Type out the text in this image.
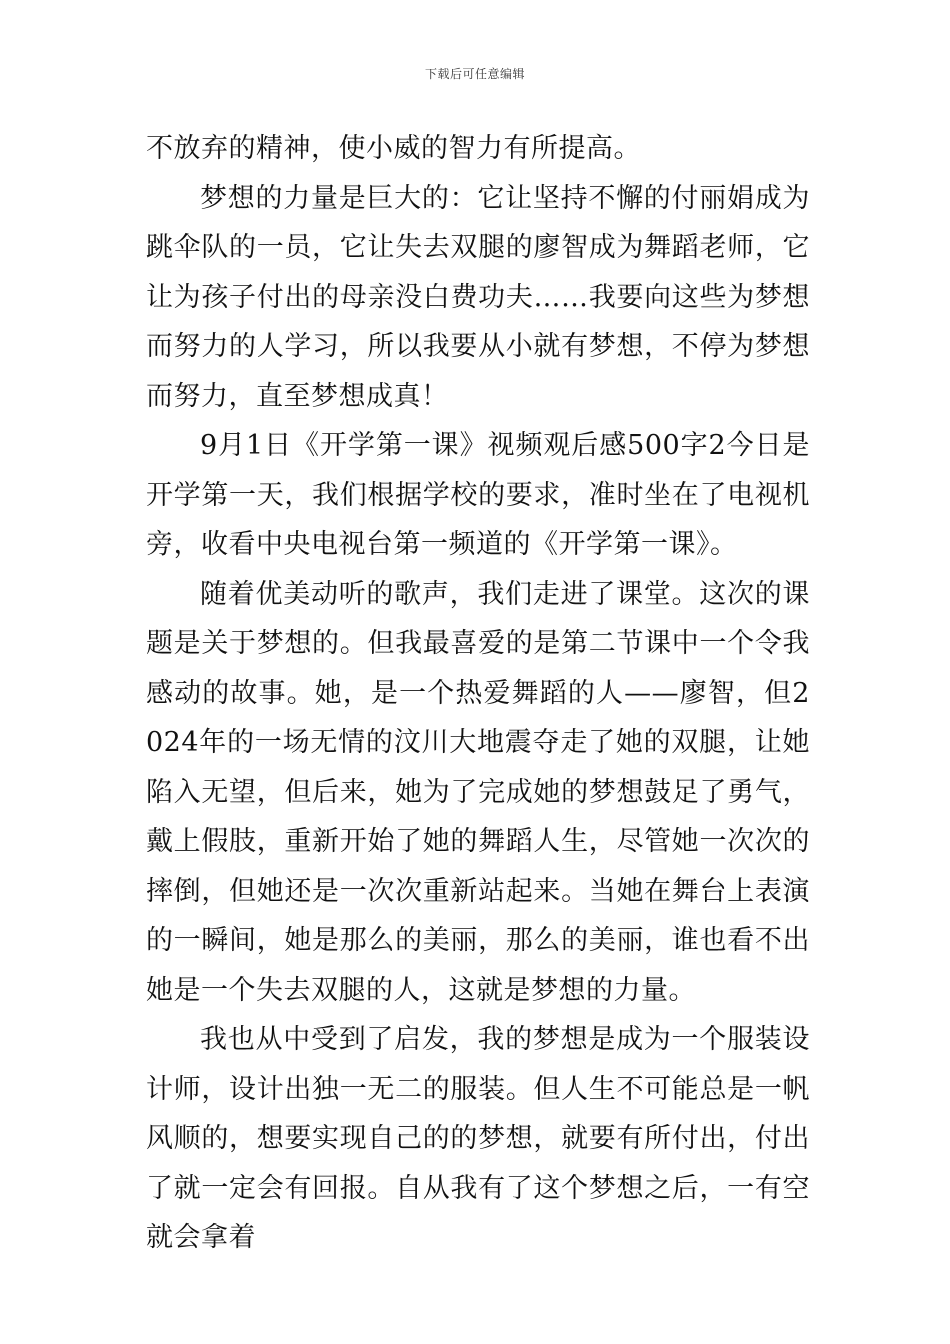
下载后可任意编辑

不放弃的精神，使小威的智力有所提高。

梦想的力量是巨大的：它让坚持不懈的付丽娟成为跳伞队的一员，它让失去双腿的廖智成为舞蹈老师，它让为孩子付出的母亲没白费功夫……我要向这些为梦想而努力的人学习，所以我要从小就有梦想，不停为梦想而努力，直至梦想成真！

9月1日《开学第一课》视频观后感500字2今日是开学第一天，我们根据学校的要求，准时坐在了电视机旁，收看中央电视台第一频道的《开学第一课》。

随着优美动听的歌声，我们走进了课堂。这次的课题是关于梦想的。但我最喜爱的是第二节课中一个令我感动的故事。她，是一个热爱舞蹈的人——廖智，但2024年的一场无情的汶川大地震夺走了她的双腿，让她陷入无望，但后来，她为了完成她的梦想鼓足了勇气，戴上假肢，重新开始了她的舞蹈人生，尽管她一次次的摔倒，但她还是一次次重新站起来。当她在舞台上表演的一瞬间，她是那么的美丽，那么的美丽，谁也看不出她是一个失去双腿的人，这就是梦想的力量。

我也从中受到了启发，我的梦想是成为一个服装设计师，设计出独一无二的服装。但人生不可能总是一帆风顺的，想要实现自己的的梦想，就要有所付出，付出了就一定会有回报。自从我有了这个梦想之后，一有空就会拿着
